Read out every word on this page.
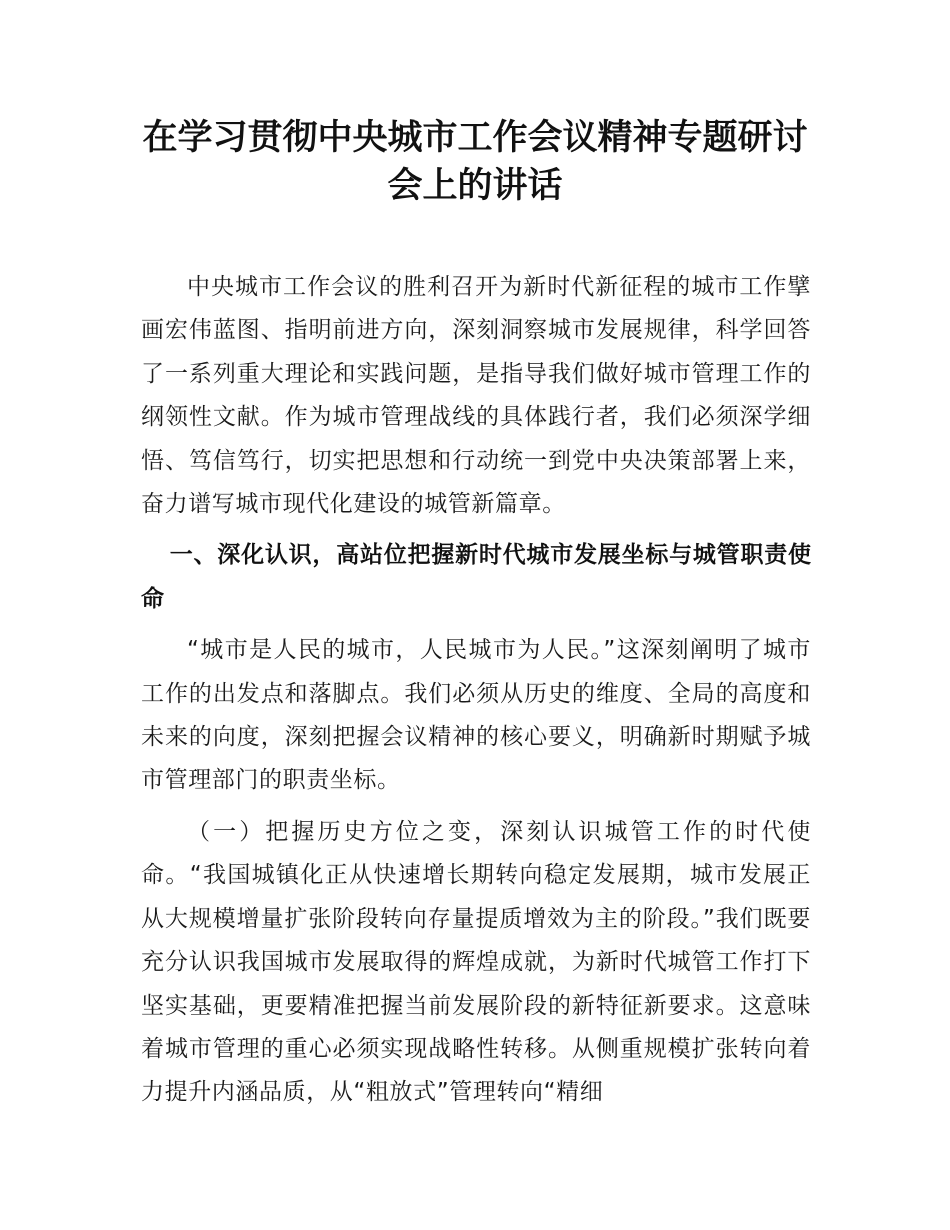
在学习贯彻中央城市工作会议精神专题研讨
会上的讲话

中央城市工作会议的胜利召开为新时代新征程的城市工作擘画宏伟蓝图、指明前进方向，深刻洞察城市发展规律，科学回答了一系列重大理论和实践问题，是指导我们做好城市管理工作的纲领性文献。作为城市管理战线的具体践行者，我们必须深学细悟、笃信笃行，切实把思想和行动统一到党中央决策部署上来，奋力谱写城市现代化建设的城管新篇章。

一、深化认识，高站位把握新时代城市发展坐标与城管职责使命

“城市是人民的城市，人民城市为人民。”这深刻阐明了城市工作的出发点和落脚点。我们必须从历史的维度、全局的高度和未来的向度，深刻把握会议精神的核心要义，明确新时期赋予城市管理部门的职责坐标。

（一）把握历史方位之变，深刻认识城管工作的时代使命。“我国城镇化正从快速增长期转向稳定发展期，城市发展正从大规模增量扩张阶段转向存量提质增效为主的阶段。”我们既要充分认识我国城市发展取得的辉煌成就，为新时代城管工作打下坚实基础，更要精准把握当前发展阶段的新特征新要求。这意味着城市管理的重心必须实现战略性转移。从侧重规模扩张转向着力提升内涵品质，从“粗放式”管理转向“精细
